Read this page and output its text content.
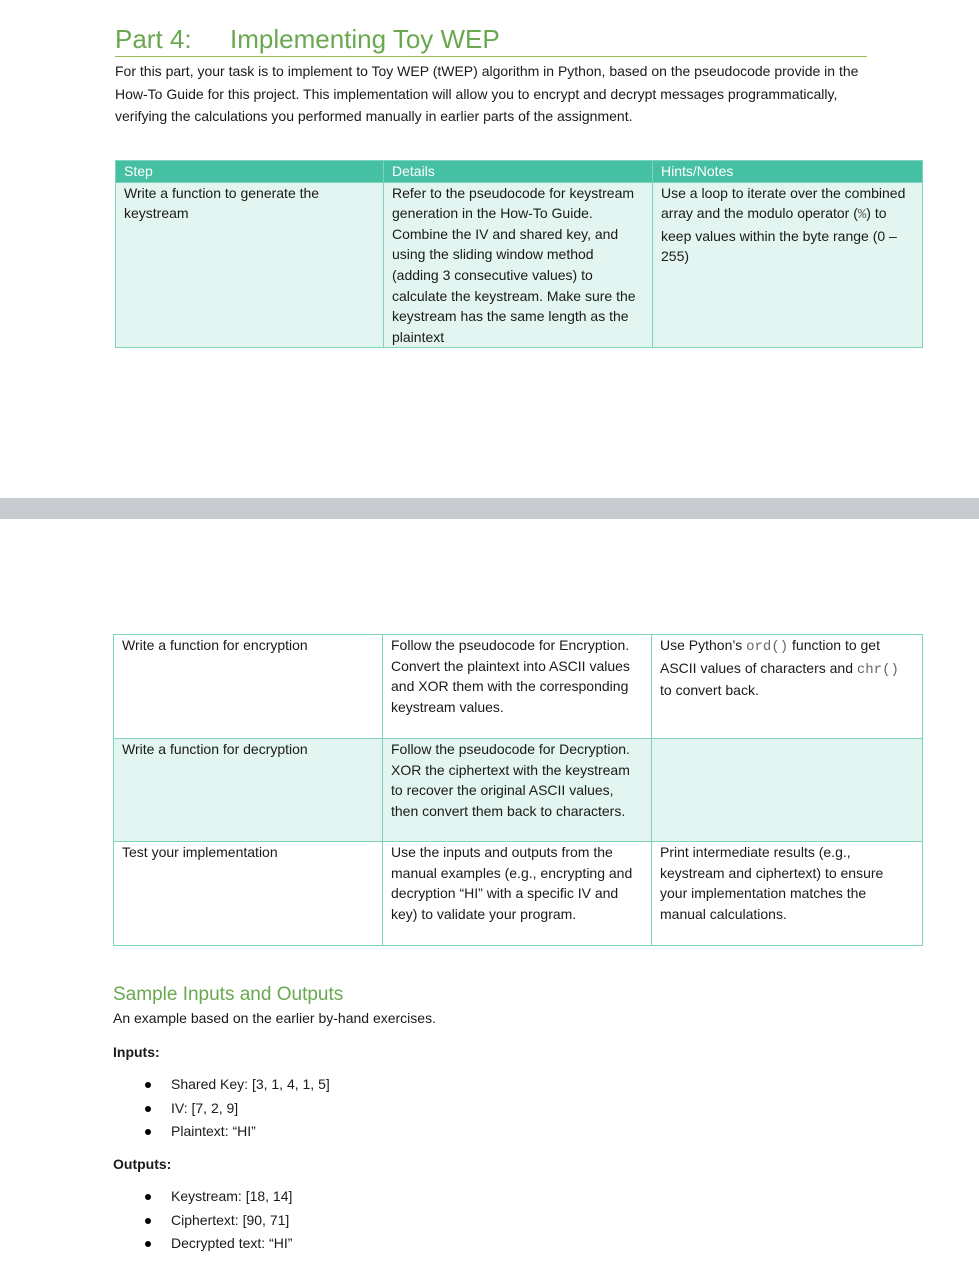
Part 4: Implementing Toy WEP
For this part, your task is to implement to Toy WEP (tWEP) algorithm in Python, based on the pseudocode provide in the How-To Guide for this project. This implementation will allow you to encrypt and decrypt messages programmatically, verifying the calculations you performed manually in earlier parts of the assignment.
Step	Details	Hints/Notes
Write a function to generate the keystream	Refer to the pseudocode for keystream generation in the How-To Guide. Combine the IV and shared key, and using the sliding window method (adding 3 consecutive values) to calculate the keystream. Make sure the keystream has the same length as the plaintext	Use a loop to iterate over the combined array and the modulo operator (%) to keep values within the byte range (0 – 255)
Write a function for encryption	Follow the pseudocode for Encryption. Convert the plaintext into ASCII values and XOR them with the corresponding keystream values.	Use Python’s ord() function to get ASCII values of characters and chr() to convert back.
Write a function for decryption	Follow the pseudocode for Decryption. XOR the ciphertext with the keystream to recover the original ASCII values, then convert them back to characters.	
Test your implementation	Use the inputs and outputs from the manual examples (e.g., encrypting and decryption “HI” with a specific IV and key) to validate your program.	Print intermediate results (e.g., keystream and ciphertext) to ensure your implementation matches the manual calculations.
Sample Inputs and Outputs
An example based on the earlier by-hand exercises.
Inputs:
Shared Key: [3, 1, 4, 1, 5]
IV: [7, 2, 9]
Plaintext: “HI”
Outputs:
Keystream: [18, 14]
Ciphertext: [90, 71]
Decrypted text: “HI”
